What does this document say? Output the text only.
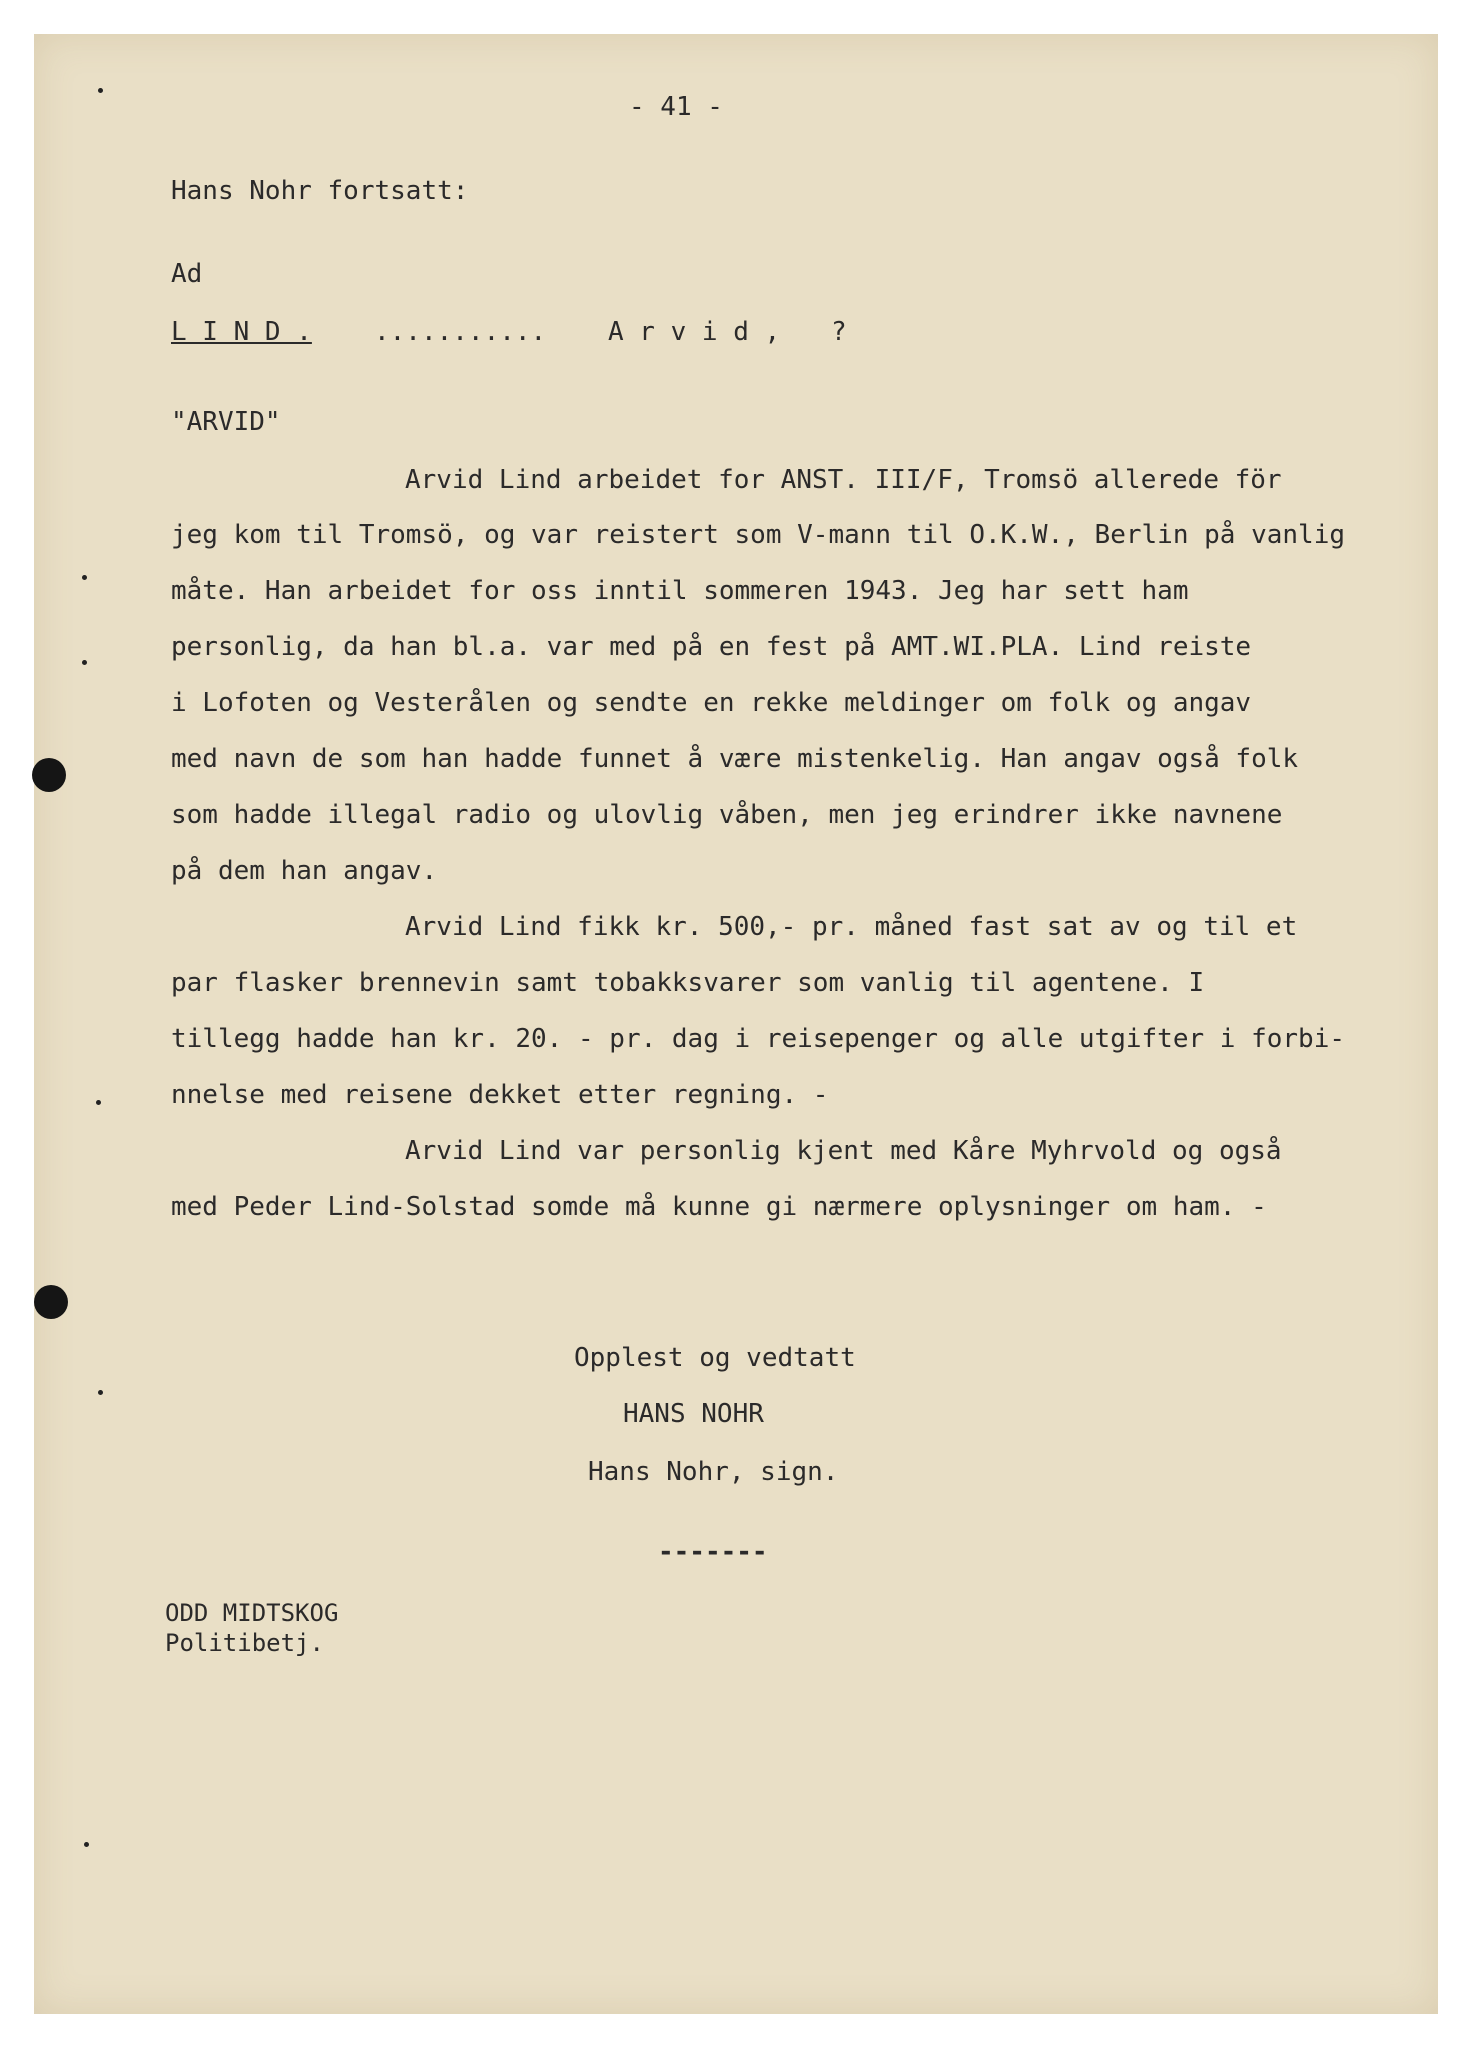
- 41 -

Hans Nohr fortsatt:

Ad

L I N D . ........... A r v i d , ?

"ARVID"

Arvid Lind arbeidet for ANST. III/F, Tromsö allerede för

jeg kom til Tromsö, og var reistert som V-mann til O.K.W., Berlin på vanlig

måte. Han arbeidet for oss inntil sommeren 1943. Jeg har sett ham

personlig, da han bl.a. var med på en fest på AMT.WI.PLA. Lind reiste

i Lofoten og Vesterålen og sendte en rekke meldinger om folk og angav

med navn de som han hadde funnet å være mistenkelig. Han angav også folk

som hadde illegal radio og ulovlig våben, men jeg erindrer ikke navnene

på dem han angav.

Arvid Lind fikk kr. 500,- pr. måned fast sat av og til et

par flasker brennevin samt tobakksvarer som vanlig til agentene. I

tillegg hadde han kr. 20. - pr. dag i reisepenger og alle utgifter i forbi-

nnelse med reisene dekket etter regning. -

Arvid Lind var personlig kjent med Kåre Myhrvold og også

med Peder Lind-Solstad somde må kunne gi nærmere oplysninger om ham. -

Opplest og vedtatt

HANS NOHR

Hans Nohr, sign.

-------

ODD MIDTSKOG

Politibetj.
